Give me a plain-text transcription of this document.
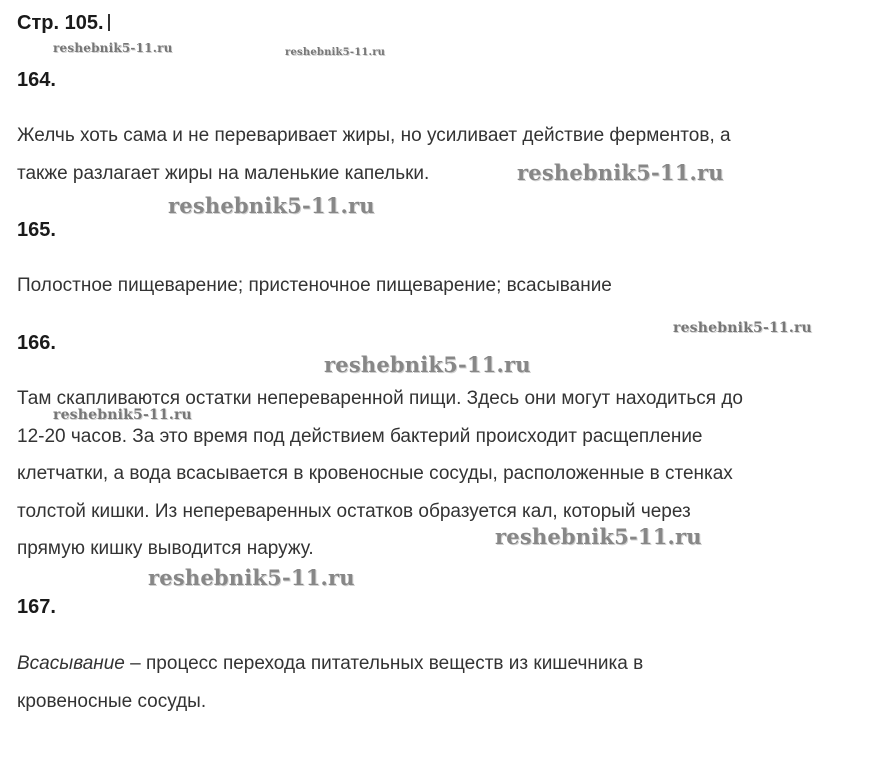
Стр. 105.
164.
Желчь хоть сама и не переваривает жиры, но усиливает действие ферментов, а
также разлагает жиры на маленькие капельки.
165.
Полостное пищеварение; пристеночное пищеварение; всасывание
166.
Там скапливаются остатки непереваренной пищи. Здесь они могут находиться до
12-20 часов. За это время под действием бактерий происходит расщепление
клетчатки, а вода всасывается в кровеносные сосуды, расположенные в стенках
толстой кишки. Из непереваренных остатков образуется кал, который через
прямую кишку выводится наружу.
167.
Всасывание – процесс перехода питательных веществ из кишечника в
кровеносные сосуды.
reshebnik5-11.ru	reshebnik5-11.ru
reshebnik5-11.ru
reshebnik5-11.ru
reshebnik5-11.ru
reshebnik5-11.ru
reshebnik5-11.ru
reshebnik5-11.ru
reshebnik5-11.ru
